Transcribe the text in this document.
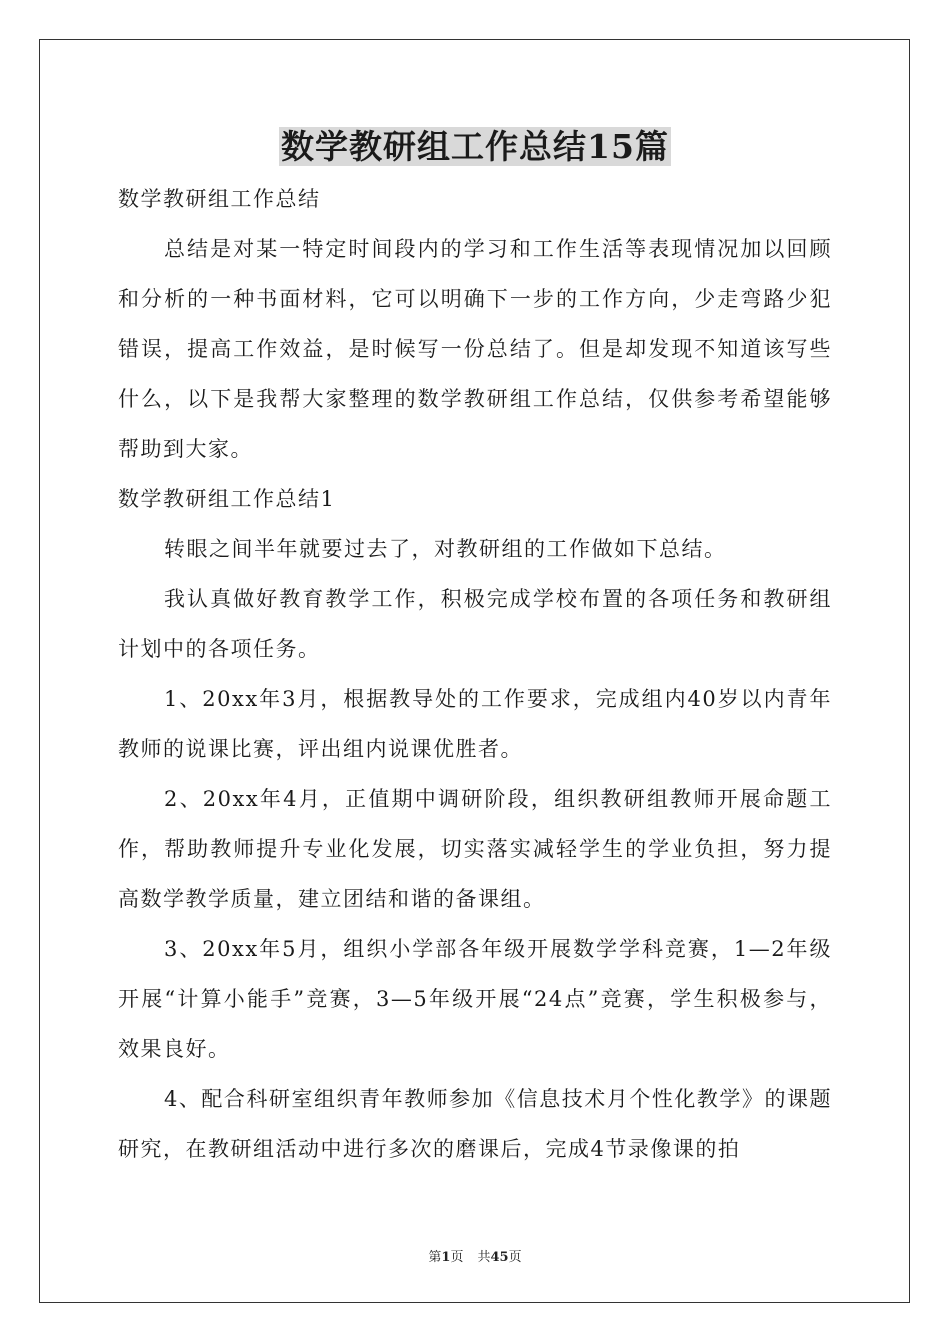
数学教研组工作总结15篇

数学教研组工作总结

总结是对某一特定时间段内的学习和工作生活等表现情况加以回顾和分析的一种书面材料，它可以明确下一步的工作方向，少走弯路少犯错误，提高工作效益，是时候写一份总结了。但是却发现不知道该写些什么，以下是我帮大家整理的数学教研组工作总结，仅供参考希望能够帮助到大家。

数学教研组工作总结1

转眼之间半年就要过去了，对教研组的工作做如下总结。

我认真做好教育教学工作，积极完成学校布置的各项任务和教研组计划中的各项任务。

1、20xx年3月，根据教导处的工作要求，完成组内40岁以内青年教师的说课比赛，评出组内说课优胜者。

2、20xx年4月，正值期中调研阶段，组织教研组教师开展命题工作，帮助教师提升专业化发展，切实落实减轻学生的学业负担，努力提高数学教学质量，建立团结和谐的备课组。

3、20xx年5月，组织小学部各年级开展数学学科竞赛，1—2年级开展“计算小能手”竞赛，3—5年级开展“24点”竞赛，学生积极参与，效果良好。

4、配合科研室组织青年教师参加《信息技术月个性化教学》的课题研究，在教研组活动中进行多次的磨课后，完成4节录像课的拍

第1页 共45页
